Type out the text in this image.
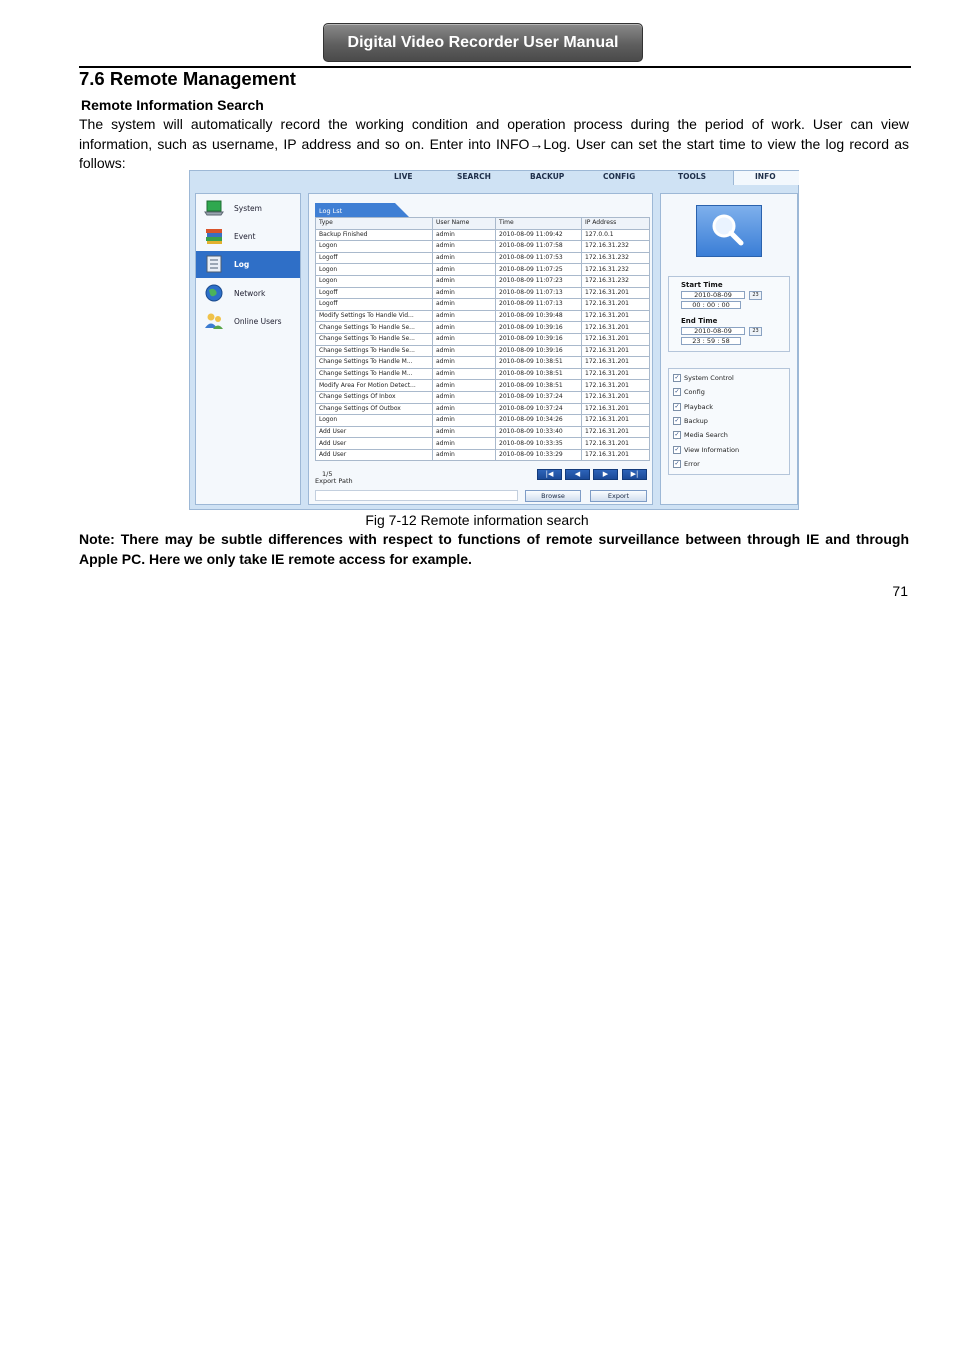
Digital Video Recorder User Manual
7.6 Remote Management
Remote Information Search
The system will automatically record the working condition and operation process during the period of work. User can view information, such as username, IP address and so on. Enter into INFO→Log. User can set the start time to view the log record as follows:
LIVE	SEARCH	BACKUP	CONFIG	TOOLS	INFO
System
Event
Log
Network
Online Users
Log Lst
Type	User Name	Time	IP Address
Backup Finished	admin	2010-08-09 11:09:42	127.0.0.1
Logon	admin	2010-08-09 11:07:58	172.16.31.232
Logoff	admin	2010-08-09 11:07:53	172.16.31.232
Logon	admin	2010-08-09 11:07:25	172.16.31.232
Logon	admin	2010-08-09 11:07:23	172.16.31.232
Logoff	admin	2010-08-09 11:07:13	172.16.31.201
Logoff	admin	2010-08-09 11:07:13	172.16.31.201
Modify Settings To Handle Vid...	admin	2010-08-09 10:39:48	172.16.31.201
Change Settings To Handle Se...	admin	2010-08-09 10:39:16	172.16.31.201
Change Settings To Handle Se...	admin	2010-08-09 10:39:16	172.16.31.201
Change Settings To Handle Se...	admin	2010-08-09 10:39:16	172.16.31.201
Change Settings To Handle M...	admin	2010-08-09 10:38:51	172.16.31.201
Change Settings To Handle M...	admin	2010-08-09 10:38:51	172.16.31.201
Modify Area For Motion Detect...	admin	2010-08-09 10:38:51	172.16.31.201
Change Settings Of Inbox	admin	2010-08-09 10:37:24	172.16.31.201
Change Settings Of Outbox	admin	2010-08-09 10:37:24	172.16.31.201
Logon	admin	2010-08-09 10:34:26	172.16.31.201
Add User	admin	2010-08-09 10:33:40	172.16.31.201
Add User	admin	2010-08-09 10:33:35	172.16.31.201
Add User	admin	2010-08-09 10:33:29	172.16.31.201
1/5
Export Path
|◀	◀	▶	▶|
Browse	Export
Start Time
2010-08-09	23
00 : 00 : 00
End Time
2010-08-09	23
23 : 59 : 58
✓ System Control
✓ Config
✓ Playback
✓ Backup
✓ Media Search
✓ View Information
✓ Error
Fig 7-12 Remote information search
Note: There may be subtle differences with respect to functions of remote surveillance between through IE and through Apple PC. Here we only take IE remote access for example.
71
